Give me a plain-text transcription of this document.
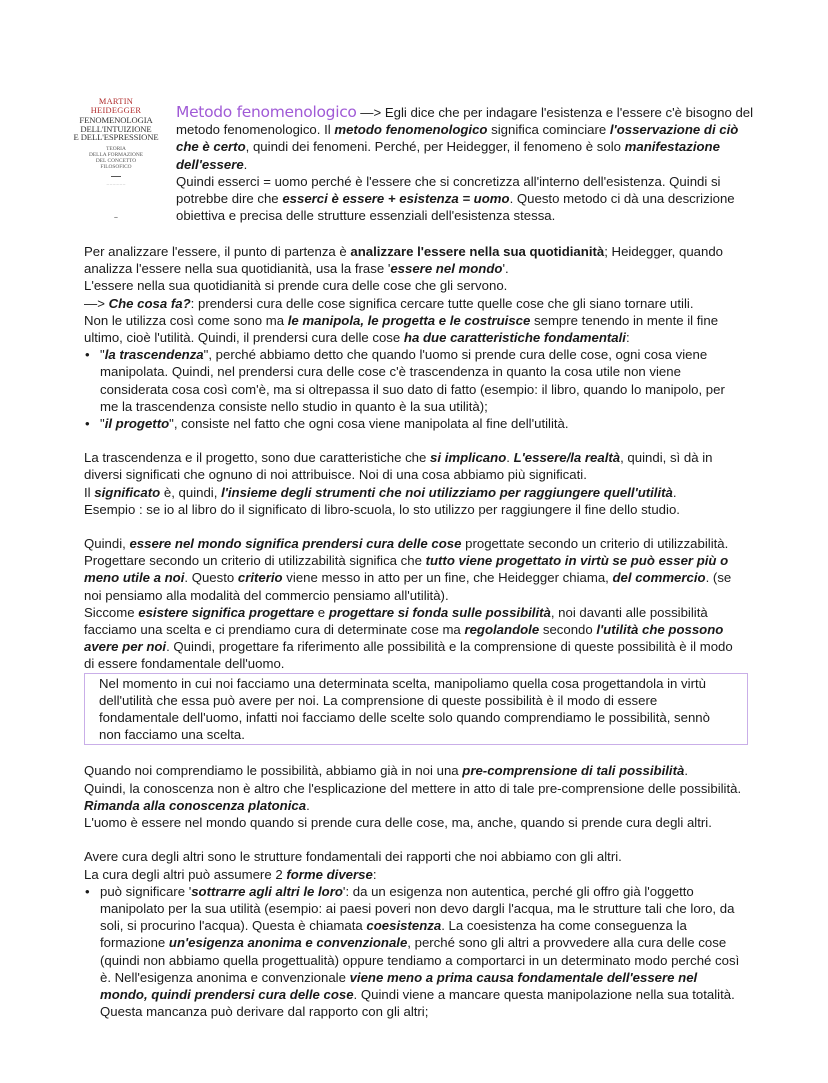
MARTIN
HEIDEGGER
FENOMENOLOGIA
DELL'INTUIZIONE
E DELL'ESPRESSIONE
TEORIA
DELLA FORMAZIONE
DEL CONCETTO
FILOSOFICO
─ ─ ─ ─ ─ ─
▬
Metodo fenomenologico —> Egli dice che per indagare l'esistenza e l'essere c'è bisogno del metodo fenomenologico. Il metodo fenomenologico significa cominciare l'osservazione di ciò che è certo, quindi dei fenomeni. Perché, per Heidegger, il fenomeno è solo manifestazione dell'essere.
Quindi esserci = uomo perché è l'essere che si concretizza all'interno dell'esistenza. Quindi si potrebbe dire che esserci è essere + esistenza = uomo. Questo metodo ci dà una descrizione obiettiva e precisa delle strutture essenziali dell'esistenza stessa.

Per analizzare l'essere, il punto di partenza è analizzare l'essere nella sua quotidianità; Heidegger, quando analizza l'essere nella sua quotidianità, usa la frase 'essere nel mondo'.
L'essere nella sua quotidianità si prende cura delle cose che gli servono.
—> Che cosa fa?: prendersi cura delle cose significa cercare tutte quelle cose che gli siano tornare utili.
Non le utilizza così come sono ma le manipola, le progetta e le costruisce sempre tenendo in mente il fine ultimo, cioè l'utilità. Quindi, il prendersi cura delle cose ha due caratteristiche fondamentali:

• "la trascendenza", perché abbiamo detto che quando l'uomo si prende cura delle cose, ogni cosa viene manipolata. Quindi, nel prendersi cura delle cose c'è trascendenza in quanto la cosa utile non viene considerata cosa così com'è, ma si oltrepassa il suo dato di fatto (esempio: il libro, quando lo manipolo, per me la trascendenza consiste nello studio in quanto è la sua utilità);
• "il progetto", consiste nel fatto che ogni cosa viene manipolata al fine dell'utilità.

La trascendenza e il progetto, sono due caratteristiche che si implicano. L'essere/la realtà, quindi, sì dà in diversi significati che ognuno di noi attribuisce. Noi di una cosa abbiamo più significati.
Il significato è, quindi, l'insieme degli strumenti che noi utilizziamo per raggiungere quell'utilità.
Esempio : se io al libro do il significato di libro-scuola, lo sto utilizzo per raggiungere il fine dello studio.

Quindi, essere nel mondo significa prendersi cura delle cose progettate secondo un criterio di utilizzabilità. Progettare secondo un criterio di utilizzabilità significa che tutto viene progettato in virtù se può esser più o meno utile a noi. Questo criterio viene messo in atto per un fine, che Heidegger chiama, del commercio. (se noi pensiamo alla modalità del commercio pensiamo all'utilità).
Siccome esistere significa progettare e progettare si fonda sulle possibilità, noi davanti alle possibilità facciamo una scelta e ci prendiamo cura di determinate cose ma regolandole secondo l'utilità che possono avere per noi. Quindi, progettare fa riferimento alle possibilità e la comprensione di queste possibilità è il modo di essere fondamentale dell'uomo.

Nel momento in cui noi facciamo una determinata scelta, manipoliamo quella cosa progettandola in virtù dell'utilità che essa può avere per noi. La comprensione di queste possibilità è il modo di essere fondamentale dell'uomo, infatti noi facciamo delle scelte solo quando comprendiamo le possibilità, sennò non facciamo una scelta.

Quando noi comprendiamo le possibilità, abbiamo già in noi una pre-comprensione di tali possibilità.
Quindi, la conoscenza non è altro che l'esplicazione del mettere in atto di tale pre-comprensione delle possibilità. Rimanda alla conoscenza platonica.
L'uomo è essere nel mondo quando si prende cura delle cose, ma, anche, quando si prende cura degli altri.

Avere cura degli altri sono le strutture fondamentali dei rapporti che noi abbiamo con gli altri.
La cura degli altri può assumere 2 forme diverse:

• può significare 'sottrarre agli altri le loro': da un esigenza non autentica, perché gli offro già l'oggetto manipolato per la sua utilità (esempio: ai paesi poveri non devo dargli l'acqua, ma le strutture tali che loro, da soli, si procurino l'acqua). Questa è chiamata coesistenza. La coesistenza ha come conseguenza la formazione un'esigenza anonima e convenzionale, perché sono gli altri a provvedere alla cura delle cose (quindi non abbiamo quella progettualità) oppure tendiamo a comportarci in un determinato modo perché così è. Nell'esigenza anonima e convenzionale viene meno a prima causa fondamentale dell'essere nel mondo, quindi prendersi cura delle cose. Quindi viene a mancare questa manipolazione nella sua totalità. Questa mancanza può derivare dal rapporto con gli altri;
